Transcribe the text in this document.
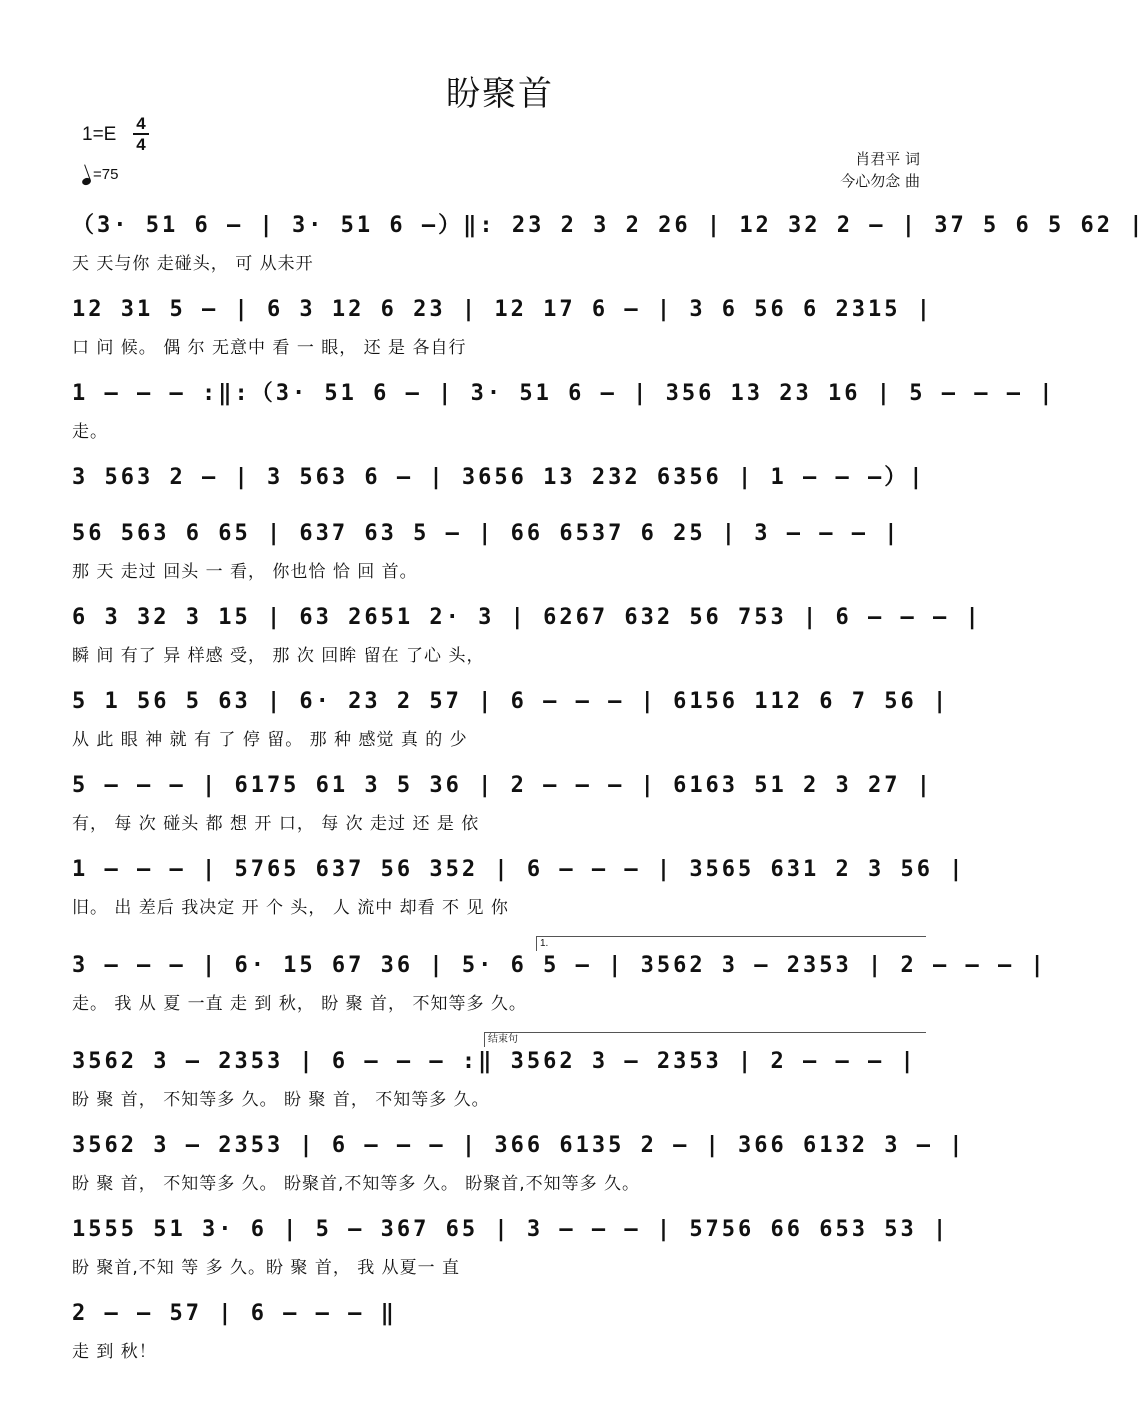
盼聚首
1=E
4
4
=75
肖君平 词
今心勿念 曲
1.
结束句
（3· 51 6 – | 3· 51 6 –）‖: 23 2 3 2 26 | 12 32 2 – | 37 5 6 5 62 |
天 天与你 走碰头， 可 从未开
12 31 5 – | 6 3 12 6 23 | 12 17 6 – | 3 6 56 6 2315 |
口 问 候。 偶 尔 无意中 看 一 眼， 还 是 各自行
1 – – – :‖:（3· 51 6 – | 3· 51 6 – | 356 13 23 16 | 5 – – – |
走。
3 563 2 – | 3 563 6 – | 3656 13 232 6356 | 1 – – –）|
56 563 6 65 | 637 63 5 – | 66 6537 6 25 | 3 – – – |
那 天 走过 回头 一 看， 你也恰 恰 回 首。
6 3 32 3 15 | 63 2651 2· 3 | 6267 632 56 753 | 6 – – – |
瞬 间 有了 异 样感 受， 那 次 回眸 留在 了心 头，
5 1 56 5 63 | 6· 23 2 57 | 6 – – – | 6156 112 6 7 56 |
从 此 眼 神 就 有 了 停 留。 那 种 感觉 真 的 少
5 – – – | 6175 61 3 5 36 | 2 – – – | 6163 51 2 3 27 |
有， 每 次 碰头 都 想 开 口， 每 次 走过 还 是 依
1 – – – | 5765 637 56 352 | 6 – – – | 3565 631 2 3 56 |
旧。 出 差后 我决定 开 个 头， 人 流中 却看 不 见 你
3 – – – | 6· 15 67 36 | 5· 6 5 – | 3562 3 – 2353 | 2 – – – |
走。 我 从 夏 一直 走 到 秋， 盼 聚 首， 不知等多 久。
3562 3 – 2353 | 6 – – – :‖ 3562 3 – 2353 | 2 – – – |
盼 聚 首， 不知等多 久。 盼 聚 首， 不知等多 久。
3562 3 – 2353 | 6 – – – | 366 6135 2 – | 366 6132 3 – |
盼 聚 首， 不知等多 久。 盼聚首,不知等多 久。 盼聚首,不知等多 久。
1555 51 3· 6 | 5 – 367 65 | 3 – – – | 5756 66 653 53 |
盼 聚首,不知 等 多 久。盼 聚 首， 我 从夏一 直
2 – – 57 | 6 – – – ‖
走 到 秋！
